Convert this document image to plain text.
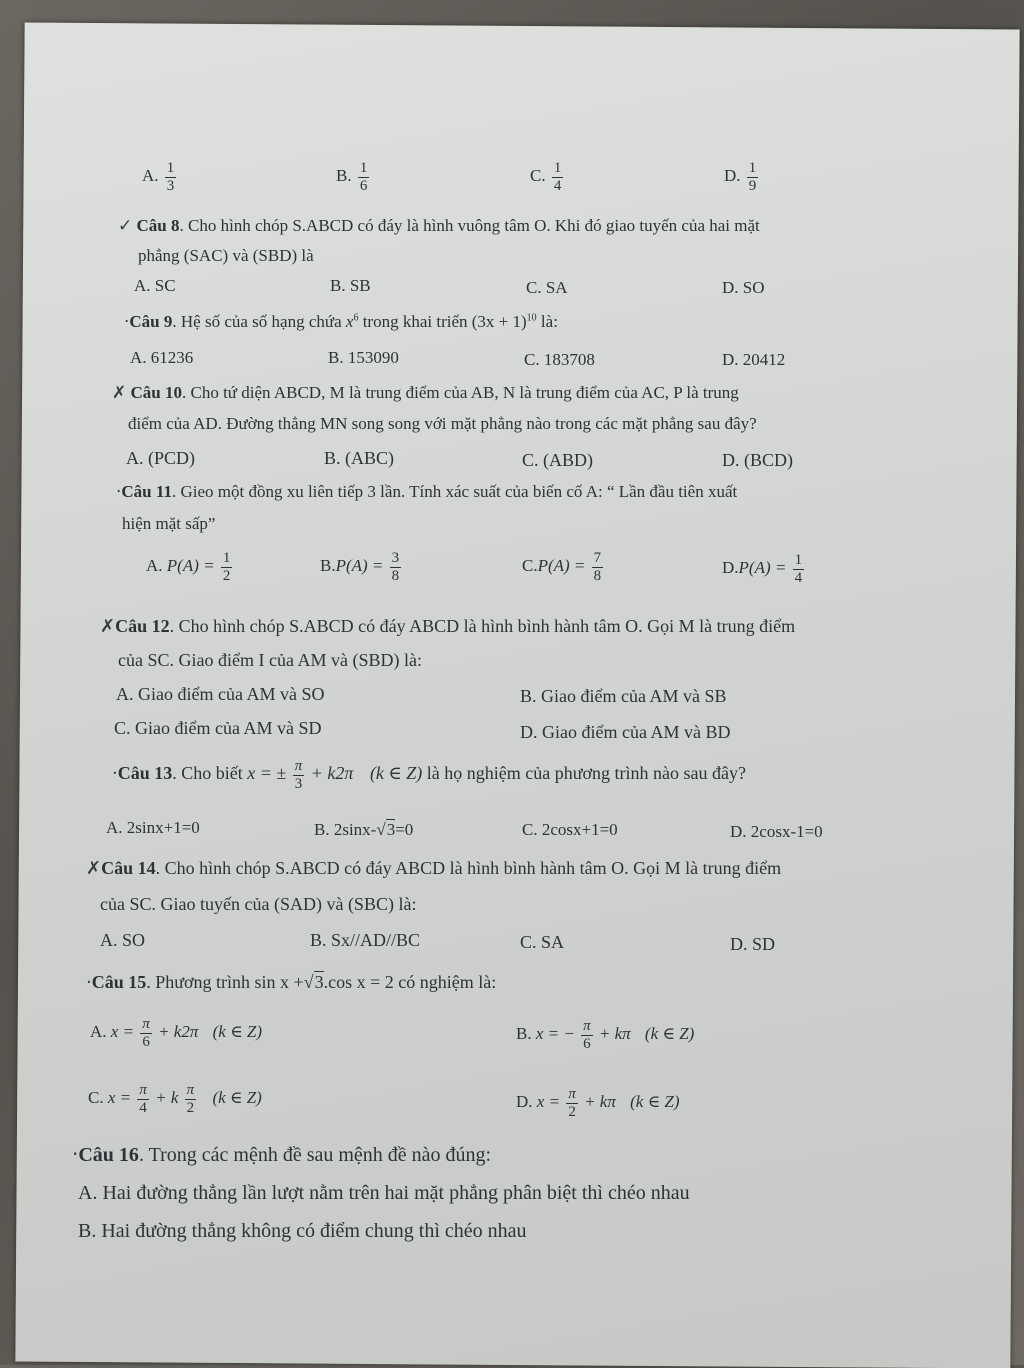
A. $\frac{1}{3}$	B. $\frac{1}{6}$	C. $\frac{1}{4}$	D. $\frac{1}{9}$
✓ Câu 8. Cho hình chóp S.ABCD có đáy là hình vuông tâm O. Khi đó giao tuyến của hai mặt
phẳng (SAC) và (SBD) là
A. SC	B. SB	C. SA	D. SO
·Câu 9. Hệ số của số hạng chứa $x^6$ trong khai triển $(3x + 1)^{10}$ là:
A. 61236	B. 153090	C. 183708	D. 20412
✗ Câu 10. Cho tứ diện ABCD, M là trung điểm của AB, N là trung điểm của AC, P là trung
điểm của AD. Đường thẳng MN song song với mặt phẳng nào trong các mặt phẳng sau đây?
A. (PCD)	B. (ABC)	C. (ABD)	D. (BCD)
·Câu 11. Gieo một đồng xu liên tiếp 3 lần. Tính xác suất của biến cố A: “ Lần đầu tiên xuất
hiện mặt sấp”
A. $P(A) = \frac{1}{2}$	$B.P(A) = \frac{3}{8}$	$C.P(A) = \frac{7}{8}$	$D.P(A) = \frac{1}{4}$
✗Câu 12. Cho hình chóp S.ABCD có đáy ABCD là hình bình hành tâm O. Gọi M là trung điểm
của SC. Giao điểm I của AM và (SBD) là:
A. Giao điểm của AM và SO	B. Giao điểm của AM và SB
C. Giao điểm của AM và SD	D. Giao điểm của AM và BD
·Câu 13. Cho biết x = ± $\frac{\pi}{3} + k2\pi$ (k ∈ Z) là họ nghiệm của phương trình nào sau đây?
A. 2sinx+1=0	B. 2sinx-√3=0	C. 2cosx+1=0	D. 2cosx-1=0
✗Câu 14. Cho hình chóp S.ABCD có đáy ABCD là hình bình hành tâm O. Gọi M là trung điểm
của SC. Giao tuyến của (SAD) và (SBC) là:
A. SO	B. Sx//AD//BC	C. SA	D. SD
·Câu 15. Phương trình sin x +√3.cos x = 2 có nghiệm là:
A. $x = \frac{\pi}{6} + k2\pi$ (k ∈ Z)	B. x = − $\frac{\pi}{6} + k\pi$ (k ∈ Z)
C. $x = \frac{\pi}{4} + k \frac{\pi}{2} (k$ ∈ Z)	D. $x = \frac{\pi}{2} + k\pi$ (k ∈ Z)
·Câu 16. Trong các mệnh đề sau mệnh đề nào đúng:
A. Hai đường thẳng lần lượt nằm trên hai mặt phẳng phân biệt thì chéo nhau
B. Hai đường thẳng không có điểm chung thì chéo nhau
